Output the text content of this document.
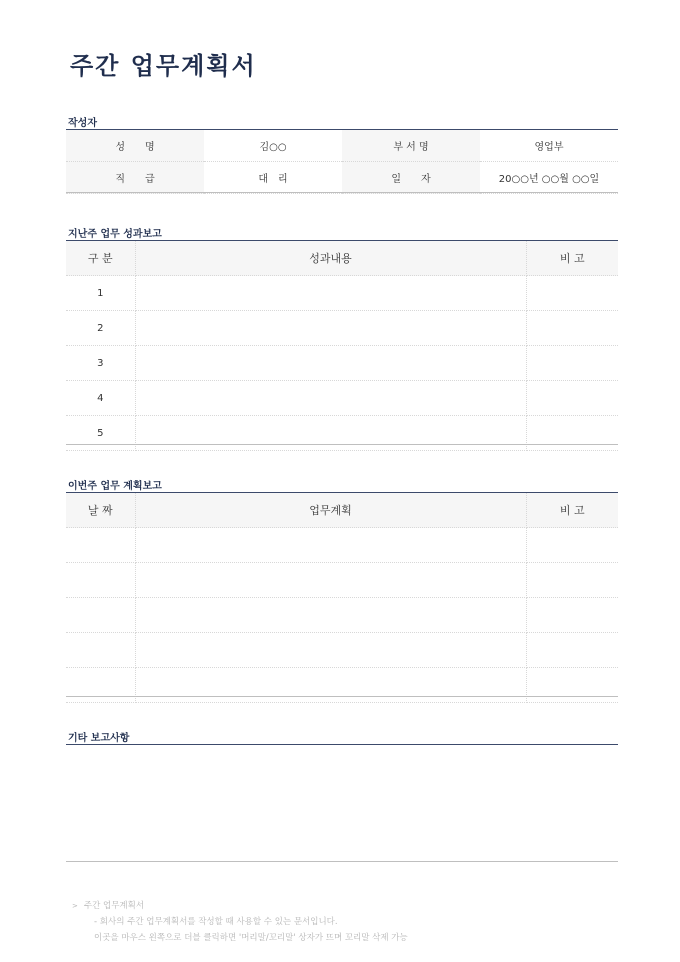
주간 업무계획서
작성자
성　　명	김○○	부 서 명	영업부
직　　급	대　리	일　　자	20○○년 ○○월 ○○일
지난주 업무 성과보고
구 분	성과내용	비 고
1		
2		
3		
4		
5		
이번주 업무 계획보고
날 짜	업무계획	비 고

기타 보고사항
> 주간 업무계획서
- 회사의 주간 업무계획서를 작성할 때 사용할 수 있는 문서입니다.
이곳을 마우스 왼쪽으로 더블 클릭하면 '머리말/꼬리말' 상자가 뜨며 꼬리말 삭제 가능
